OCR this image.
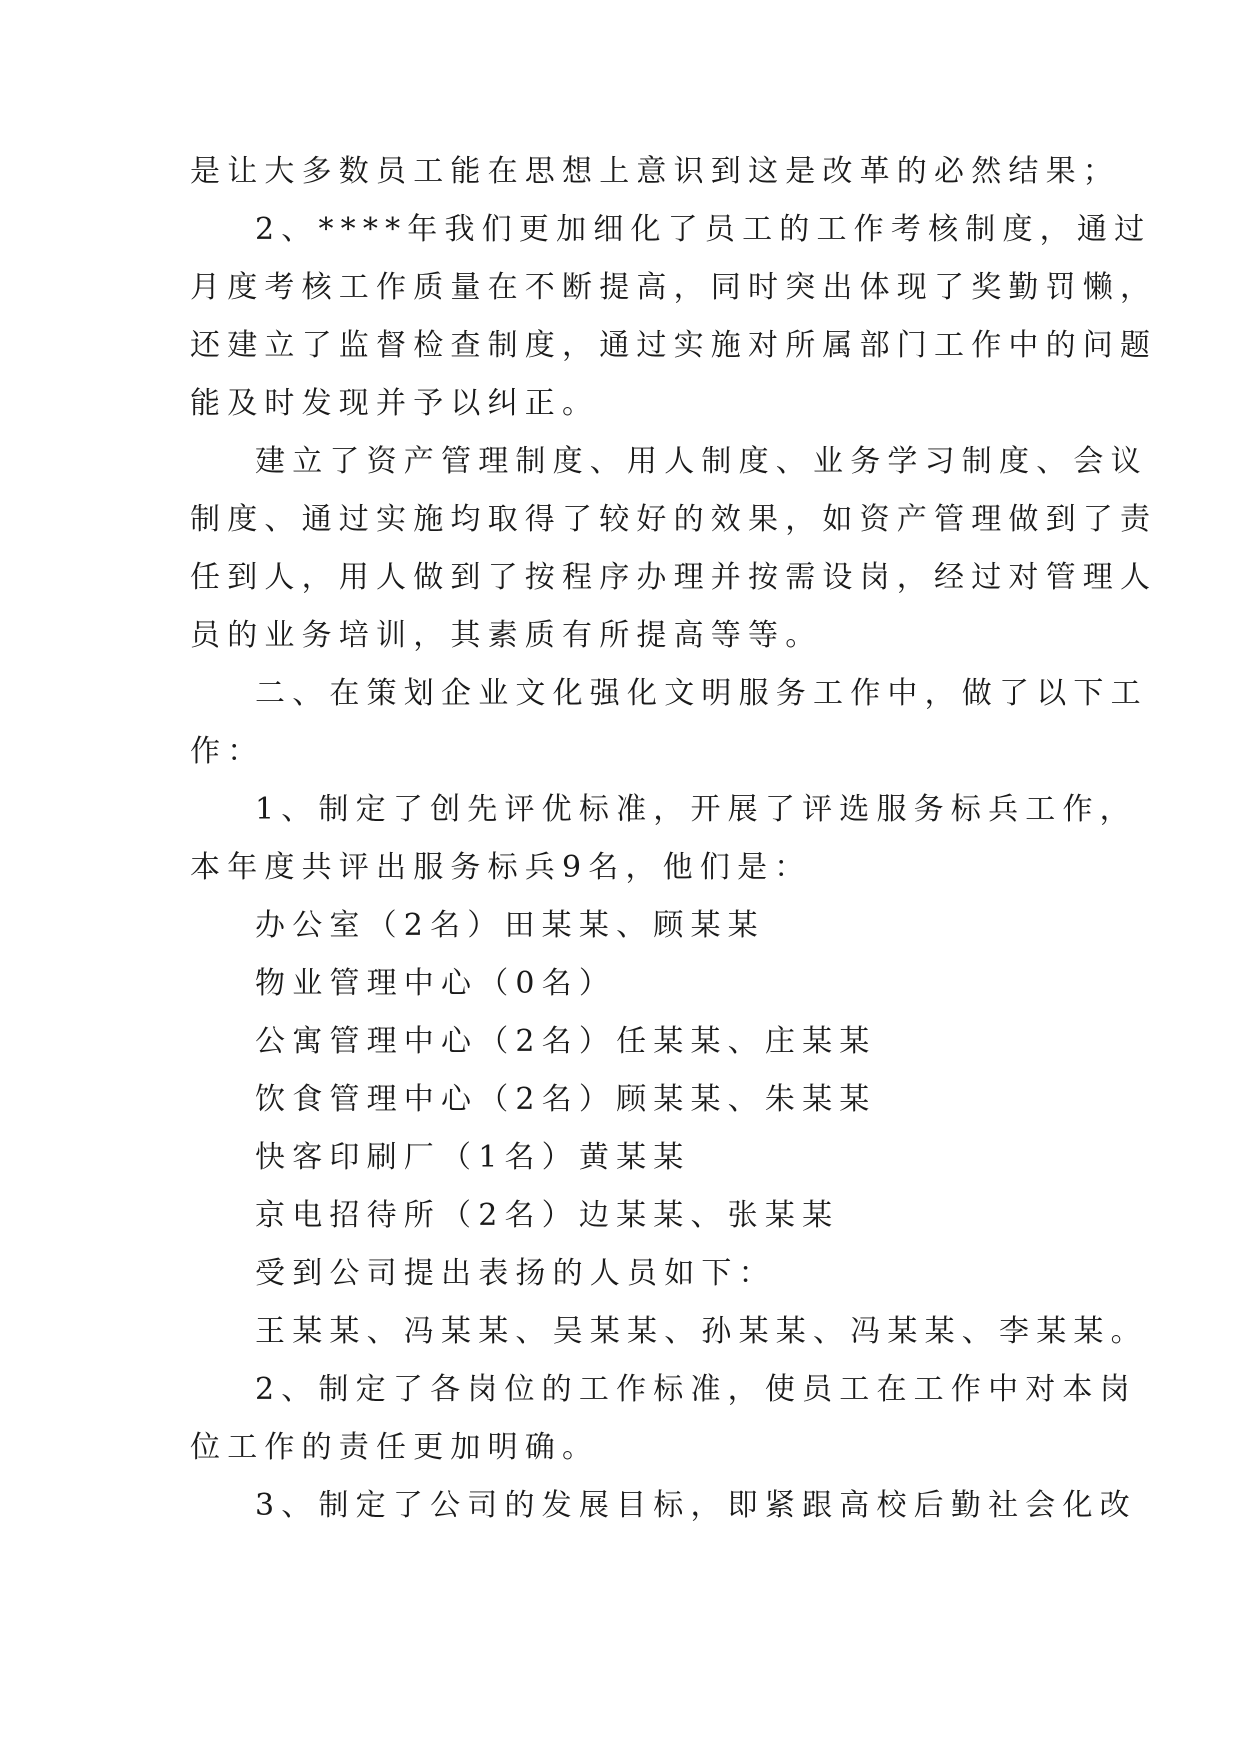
是让大多数员工能在思想上意识到这是改革的必然结果；
2、****年我们更加细化了员工的工作考核制度，通过
月度考核工作质量在不断提高，同时突出体现了奖勤罚懒，
还建立了监督检查制度，通过实施对所属部门工作中的问题
能及时发现并予以纠正。
建立了资产管理制度、用人制度、业务学习制度、会议
制度、通过实施均取得了较好的效果，如资产管理做到了责
任到人，用人做到了按程序办理并按需设岗，经过对管理人
员的业务培训，其素质有所提高等等。
二、在策划企业文化强化文明服务工作中，做了以下工
作：
1、制定了创先评优标准，开展了评选服务标兵工作，
本年度共评出服务标兵9名，他们是：
办公室（2名）田某某、顾某某
物业管理中心（0名）
公寓管理中心（2名）任某某、庄某某
饮食管理中心（2名）顾某某、朱某某
快客印刷厂（1名）黄某某
京电招待所（2名）边某某、张某某
受到公司提出表扬的人员如下：
王某某、冯某某、吴某某、孙某某、冯某某、李某某。
2、制定了各岗位的工作标准，使员工在工作中对本岗
位工作的责任更加明确。
3、制定了公司的发展目标，即紧跟高校后勤社会化改
